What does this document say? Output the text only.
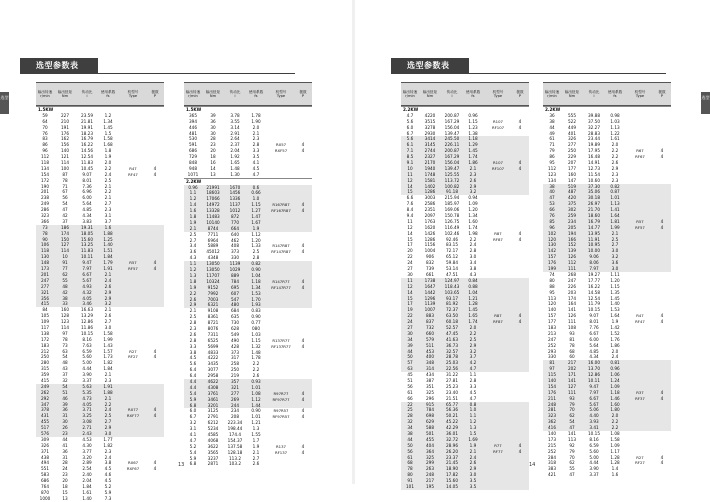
选型
选型参数表
输出转速
r/min
输出扭矩
Nm
传动比
i
使用系数
fs
机型号
Type
极数
P
1.5KW
59	227	23.59	1.2
64	210	21.81	1.34
70	191	19.91	1.45
76	176	18.23	1.5
83	162	16.79	1.58
86	156	16.22	1.68
96	140	14.56	1.8
112	121	12.54	1.9
118	114	11.83	2.0
134	100	10.45	2.2	R47	4
154	87	9.07	2.4	RF47	4
172	78	8.01	2.5
190	71	7.36	2.1
201	67	6.96	2.2
238	56	6.00	2.1
249	54	5.64	2.7
286	47	4.85	2.3
323	42	4.34	3.1
366	37	3.83	3.7
73	186	19.31	1.6
78	174	18.05	1.88
90	150	15.60	1.25
106	127	13.25	1.40
118	114	11.83	1.51
130	10	10.11	1.84
148	91	9.47	1.79	R57	4
173	77	7.97	1.91	RF57	4
201	62	6.67	2.1
247	55	5.67	2.4
277	48	4.93	2.6
321	42	4.32	2.9
356	38	4.05	2.9
415	33	3.46	3.2
84	160	16.63	2.1
105	128	13.29	2.6
109	123	12.86	2.7
117	114	11.86	3.0
138	97	10.15	1.58
172	78	8.16	1.99
183	73	7.63	1.43
212	63	6.59	1.57	R27	4
250	54	5.60	1.73	RF27	4
280	48	5.00	1.82
315	43	4.44	1.84
359	37	3.90	2.1
415	32	3.37	2.3
249	54	5.63	1.91
262	51	5.35	1.88
292	46	4.73	2.1
347	39	4.05	2.2
378	36	3.71	2.4	RX77	4
431	31	3.25	2.5	RXF77	4
455	30	3.08	2.7
517	26	2.71	2.9
576	23	2.43	3.0
309	44	4.53	1.77
326	41	4.30	1.82
371	36	3.77	2.3
438	31	3.20	2.4
494	28	2.89	3.8	RX67	4
551	24	2.54	4.5	RXF67	4
583	23	2.40	4.6
686	20	2.04	4.5
764	18	1.84	5.2
870	15	1.61	5.9
1000	13	1.40	7.3
输出转速
r/min
输出扭矩
Nm
传动比
i
使用系数
fs
机型号
Type
极数
P
1.5KW
365	39	3.78	1.78
394	36	3.55	1.90
446	30	3.14	2.0
481	30	2.91	2.1
530	28	2.64	2.3
591	23	2.37	2.8	RX57	4
686	20	2.04	3.3	RXF57	4
729	18	1.92	3.5
848	16	1.65	4.1
948	14	1.48	4.5
1071	13	1.30	4.7
2.2KW
0.96	21991	1670	0.6
1.1	18603	1456	0.66
1.2	17066	1336	1.0
1.4	14972	1137	1.15	R167R87	4
1.6	13328	1012	1.27	RF167R87	4
1.8	11483	872	1.47
1.9	10140	770	1.67
2.1	8744	664	1.9
2.5	7711	640	1.12
2.7	6964	462	1.20
3.4	5889	408	1.33	R147R87	4
3.6	45012	373	2.5	RF147R87	4
4.3	4348	330	2.8
1.1	13050	1139	0.82
1.2	13050	1029	0.90
1.3	11707	889	1.04
1.8	10324	784	1.18	R147R77	4
1.9	9152	695	1.34	RF147R77	4
2.2	7992	607	1.53
2.6	7003	547	1.70
2.9	6321	480	1.93
2.1	9108	684	0.83
2.5	8361	635	0.90
2.8	8721	730	0.77
2.3	8076	628	080
2.6	7311	549	1.03
2.8	6525	490	1.15	R137R77	4
3.3	5699	428	1.32	RF137R77	4
3.8	4833	373	1.48
4.5	4222	317	1.78
5.6	3435	258	2.2
6.4	3077	250	2.2
6.4	2958	219	2.6
4.4	4622	357	0.93
4.4	4308	321	1.01
5.4	3761	277	1.08	R97R77	4
5.9	3461	269	1.12	RF97R77	4
6.8	3201	244	1.44
6.0	3125	234	0.90	R97R57	4
6.7	2791	208	1.01	RF97R57	4
3.2	6212	223.34	1.21
3.1	5234	198.44	1.3
4.1	4585	174.4	1.55
4.7	4068	154.37	1.7
5.2	3622	137.58	1.9	R137	4
5.4	3565	128.18	2.1	RF137	4
5.9	3237	113.2	2.7
6.8	2871	103.2	2.6
13
选型
选型参数表
输出转速
r/min
输出扭矩
Nm
传动比
i
使用系数
fs
机型号
Type
极数
P
2.2KW
4.7	4220	200.87	0.96
5.6	3515	167.29	1.15	R107	4
6.0	3278	156.04	1.23	RF107	4
6.7	2930	139.47	1.38
5.6	3414	245.50	1.18
6.1	3145	226.11	1.29
7.1	2744	200.87	1.45
8.5	2327	167.29	1.74
9.1	2170	156.04	1.86	R107	4
10	1940	139.47	2.1	RF107	4
11	1748	125.55	2.3
12	1581	113.72	2.6
14	1402	100.82	2.9
15	1286	91.18	3.2
6.6	3003	215.94	0.94
7.6	2586	185.97	1.09
8.4	2351	169.06	1.20
9.4	2097	150.78	1.34
11	1763	126.75	1.60
12	1620	116.49	1.74
14	1426	102.46	1.98	R87	4
15	1286	92.46	2.2	RF87	4
17	1156	83.15	2.4
20	1004	72.17	2.8
22	906	65.12	3.0
24	832	59.84	3.4
27	739	53.14	3.8
30	661	47.51	4.3
11	1738	124.97	0.84
12	1647	118.43	0.88
14	1442	103.65	1.04
15	1296	93.17	1.21
17	1139	81.92	1.28
19	1007	72.37	1.45
22	883	63.50	1.65	R87	4
24	837	60.18	1.74	RF87	4
27	732	52.57	2.0
30	660	47.45	2.2
34	579	41.63	2.5
39	511	36.73	2.9
44	453	32.57	3.2
50	400	28.78	3.7
57	348	25.03	4.2
63	314	22.56	4.7
45	434	31.22	1.1
51	387	27.81	2.8
56	351	25.23	3.3
61	325	23.40	4.5
66	296	21.51	4.7
22	915	65.77	0.8
25	784	56.36	1.0
28	698	50.21	1.1
32	629	45.22	1.2
34	588	42.29	1.3
38	501	36.01	1.5
44	455	32.72	1.69
50	404	28.96	1.9	R77	4
56	364	26.20	2.1	RF77	4
61	325	23.37	2.4
68	299	21.45	2.6
78	263	18.90	2.9
80	248	17.82	3.0
91	217	15.60	3.5
101	195	14.05	3.5
输出转速
r/min
输出扭矩
Nm
传动比
i
使用系数
fs
机型号
Type
极数
P
2.2KW
36	555	39.88	0.98
38	522	37.50	1.03
44	449	32.27	1.13
49	401	28.83	1.22
61	326	23.44	1.61
71	277	19.89	2.0
79	250	17.95	2.2	R67	4
86	229	16.48	2.2	RF67	4
95	207	14.91	2.6
112	177	12.73	2.9
123	160	11.54	2.3
134	147	10.60	2.3
38	519	37.30	0.82
40	487	35.06	0.87
47	420	30.18	1.01
53	375	26.97	1.13
66	302	21.70	1.41
76	259	18.60	1.64
85	234	16.79	1.81	R57	4
96	205	14.77	1.99	RF57	4
102	194	13.95	2.1
120	166	11.91	2.5
130	152	10.95	2.7
142	139	10.00	3.0
157	126	9.06	3.2
176	112	8.06	3.6
199	111	7.97	3.0
74	268	19.27	1.11
80	247	17.77	1.20
88	226	16.22	1.15
95	203	14.58	1.35
113	174	12.54	1.45
120	164	11.79	1.40
140	141	10.15	1.53
157	126	9.07	1.64	R47	4
177	111	8.01	1.9	RF47	4
183	108	7.76	1.42
213	93	6.67	1.52
247	81	6.00	1.76
252	78	5.64	1.86
293	68	4.85	2.0
330	60	4.34	2.4
81	217	16.00	0.81
97	202	13.70	0.96
115	171	12.86	1.06
140	141	10.11	1.24
154	127	9.47	1.09
176	111	7.97	1.18	R37	4
211	93	6.67	1.46	RF37	4
248	79	5.67	1.60
281	70	5.06	1.80
323	62	4.40	2.0
362	54	3.93	2.2
416	47	3.41	2.2
140	141	10.15	1.08
173	113	8.16	1.58
215	92	6.59	1.09
252	79	5.60	1.17
284	70	5.00	1.28	R27	4
318	62	4.44	1.28	RF27	4
383	55	3.90	1.4
421	47	3.37	1.6
14
